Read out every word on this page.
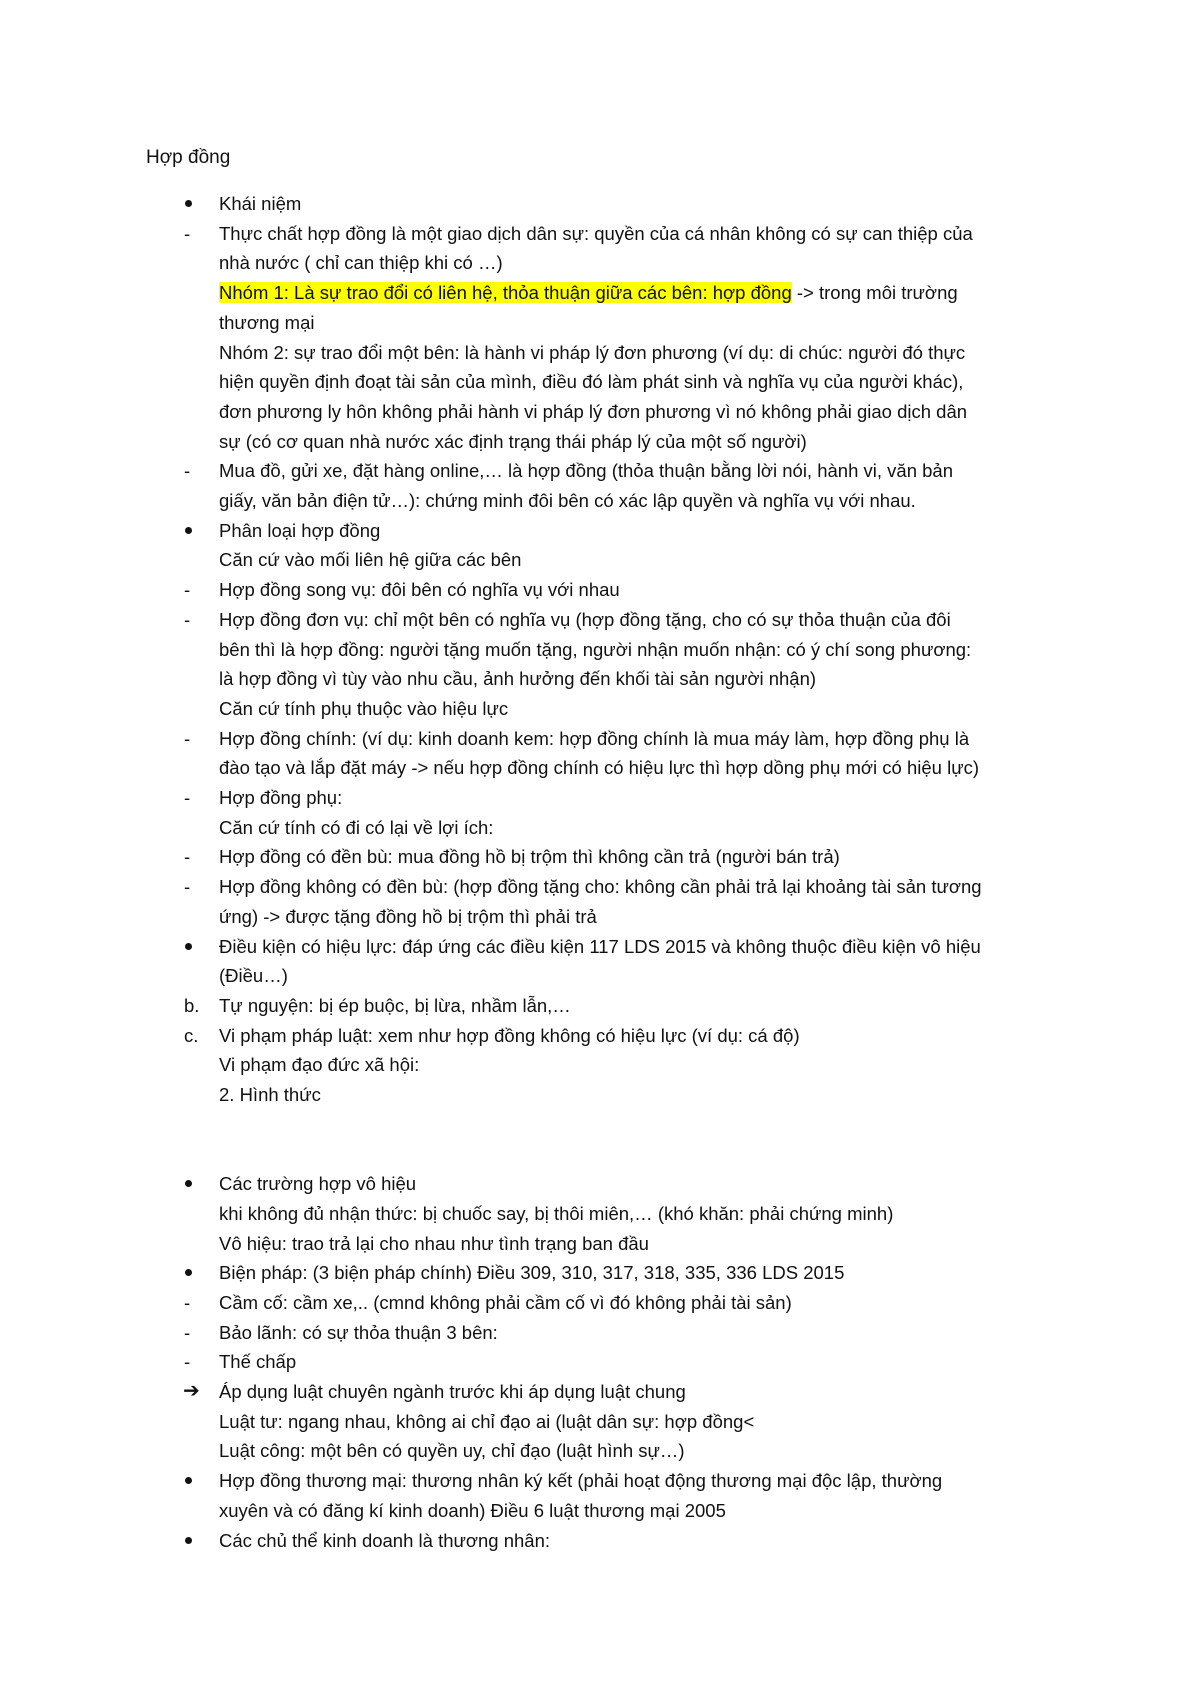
Hợp đồng
Khái niệm
- Thực chất hợp đồng là một giao dịch dân sự: quyền của cá nhân không có sự can thiệp của
nhà nước ( chỉ can thiệp khi có …)
Nhóm 1: Là sự trao đổi có liên hệ, thỏa thuận giữa các bên: hợp đồng -> trong môi trường
thương mại
Nhóm 2: sự trao đổi một bên: là hành vi pháp lý đơn phương (ví dụ: di chúc: người đó thực
hiện quyền định đoạt tài sản của mình, điều đó làm phát sinh và nghĩa vụ của người khác),
đơn phương ly hôn không phải hành vi pháp lý đơn phương vì nó không phải giao dịch dân
sự (có cơ quan nhà nước xác định trạng thái pháp lý của một số người)
- Mua đồ, gửi xe, đặt hàng online,… là hợp đồng (thỏa thuận bằng lời nói, hành vi, văn bản
giấy, văn bản điện tử…): chứng minh đôi bên có xác lập quyền và nghĩa vụ với nhau.
Phân loại hợp đồng
Căn cứ vào mối liên hệ giữa các bên
- Hợp đồng song vụ: đôi bên có nghĩa vụ với nhau
- Hợp đồng đơn vụ: chỉ một bên có nghĩa vụ (hợp đồng tặng, cho có sự thỏa thuận của đôi
bên thì là hợp đồng: người tặng muốn tặng, người nhận muốn nhận: có ý chí song phương:
là hợp đồng vì tùy vào nhu cầu, ảnh hưởng đến khối tài sản người nhận)
Căn cứ tính phụ thuộc vào hiệu lực
- Hợp đồng chính: (ví dụ: kinh doanh kem: hợp đồng chính là mua máy làm, hợp đồng phụ là
đào tạo và lắp đặt máy -> nếu hợp đồng chính có hiệu lực thì hợp dồng phụ mới có hiệu lực)
- Hợp đồng phụ:
Căn cứ tính có đi có lại về lợi ích:
- Hợp đồng có đền bù: mua đồng hồ bị trộm thì không cần trả (người bán trả)
- Hợp đồng không có đền bù: (hợp đồng tặng cho: không cần phải trả lại khoảng tài sản tương
ứng) -> được tặng đồng hồ bị trộm thì phải trả
Điều kiện có hiệu lực: đáp ứng các điều kiện 117 LDS 2015 và không thuộc điều kiện vô hiệu
(Điều…)
b. Tự nguyện: bị ép buộc, bị lừa, nhầm lẫn,…
c. Vi phạm pháp luật: xem như hợp đồng không có hiệu lực (ví dụ: cá độ)
Vi phạm đạo đức xã hội:
2. Hình thức
Các trường hợp vô hiệu
khi không đủ nhận thức: bị chuốc say, bị thôi miên,… (khó khăn: phải chứng minh)
Vô hiệu: trao trả lại cho nhau như tình trạng ban đầu
Biện pháp: (3 biện pháp chính) Điều 309, 310, 317, 318, 335, 336 LDS 2015
- Cầm cố: cầm xe,.. (cmnd không phải cầm cố vì đó không phải tài sản)
- Bảo lãnh: có sự thỏa thuận 3 bên:
- Thế chấp
➔ Áp dụng luật chuyên ngành trước khi áp dụng luật chung
Luật tư: ngang nhau, không ai chỉ đạo ai (luật dân sự: hợp đồng<
Luật công: một bên có quyền uy, chỉ đạo (luật hình sự…)
Hợp đồng thương mại: thương nhân ký kết (phải hoạt động thương mại độc lập, thường
xuyên và có đăng kí kinh doanh) Điều 6 luật thương mại 2005
Các chủ thể kinh doanh là thương nhân:
